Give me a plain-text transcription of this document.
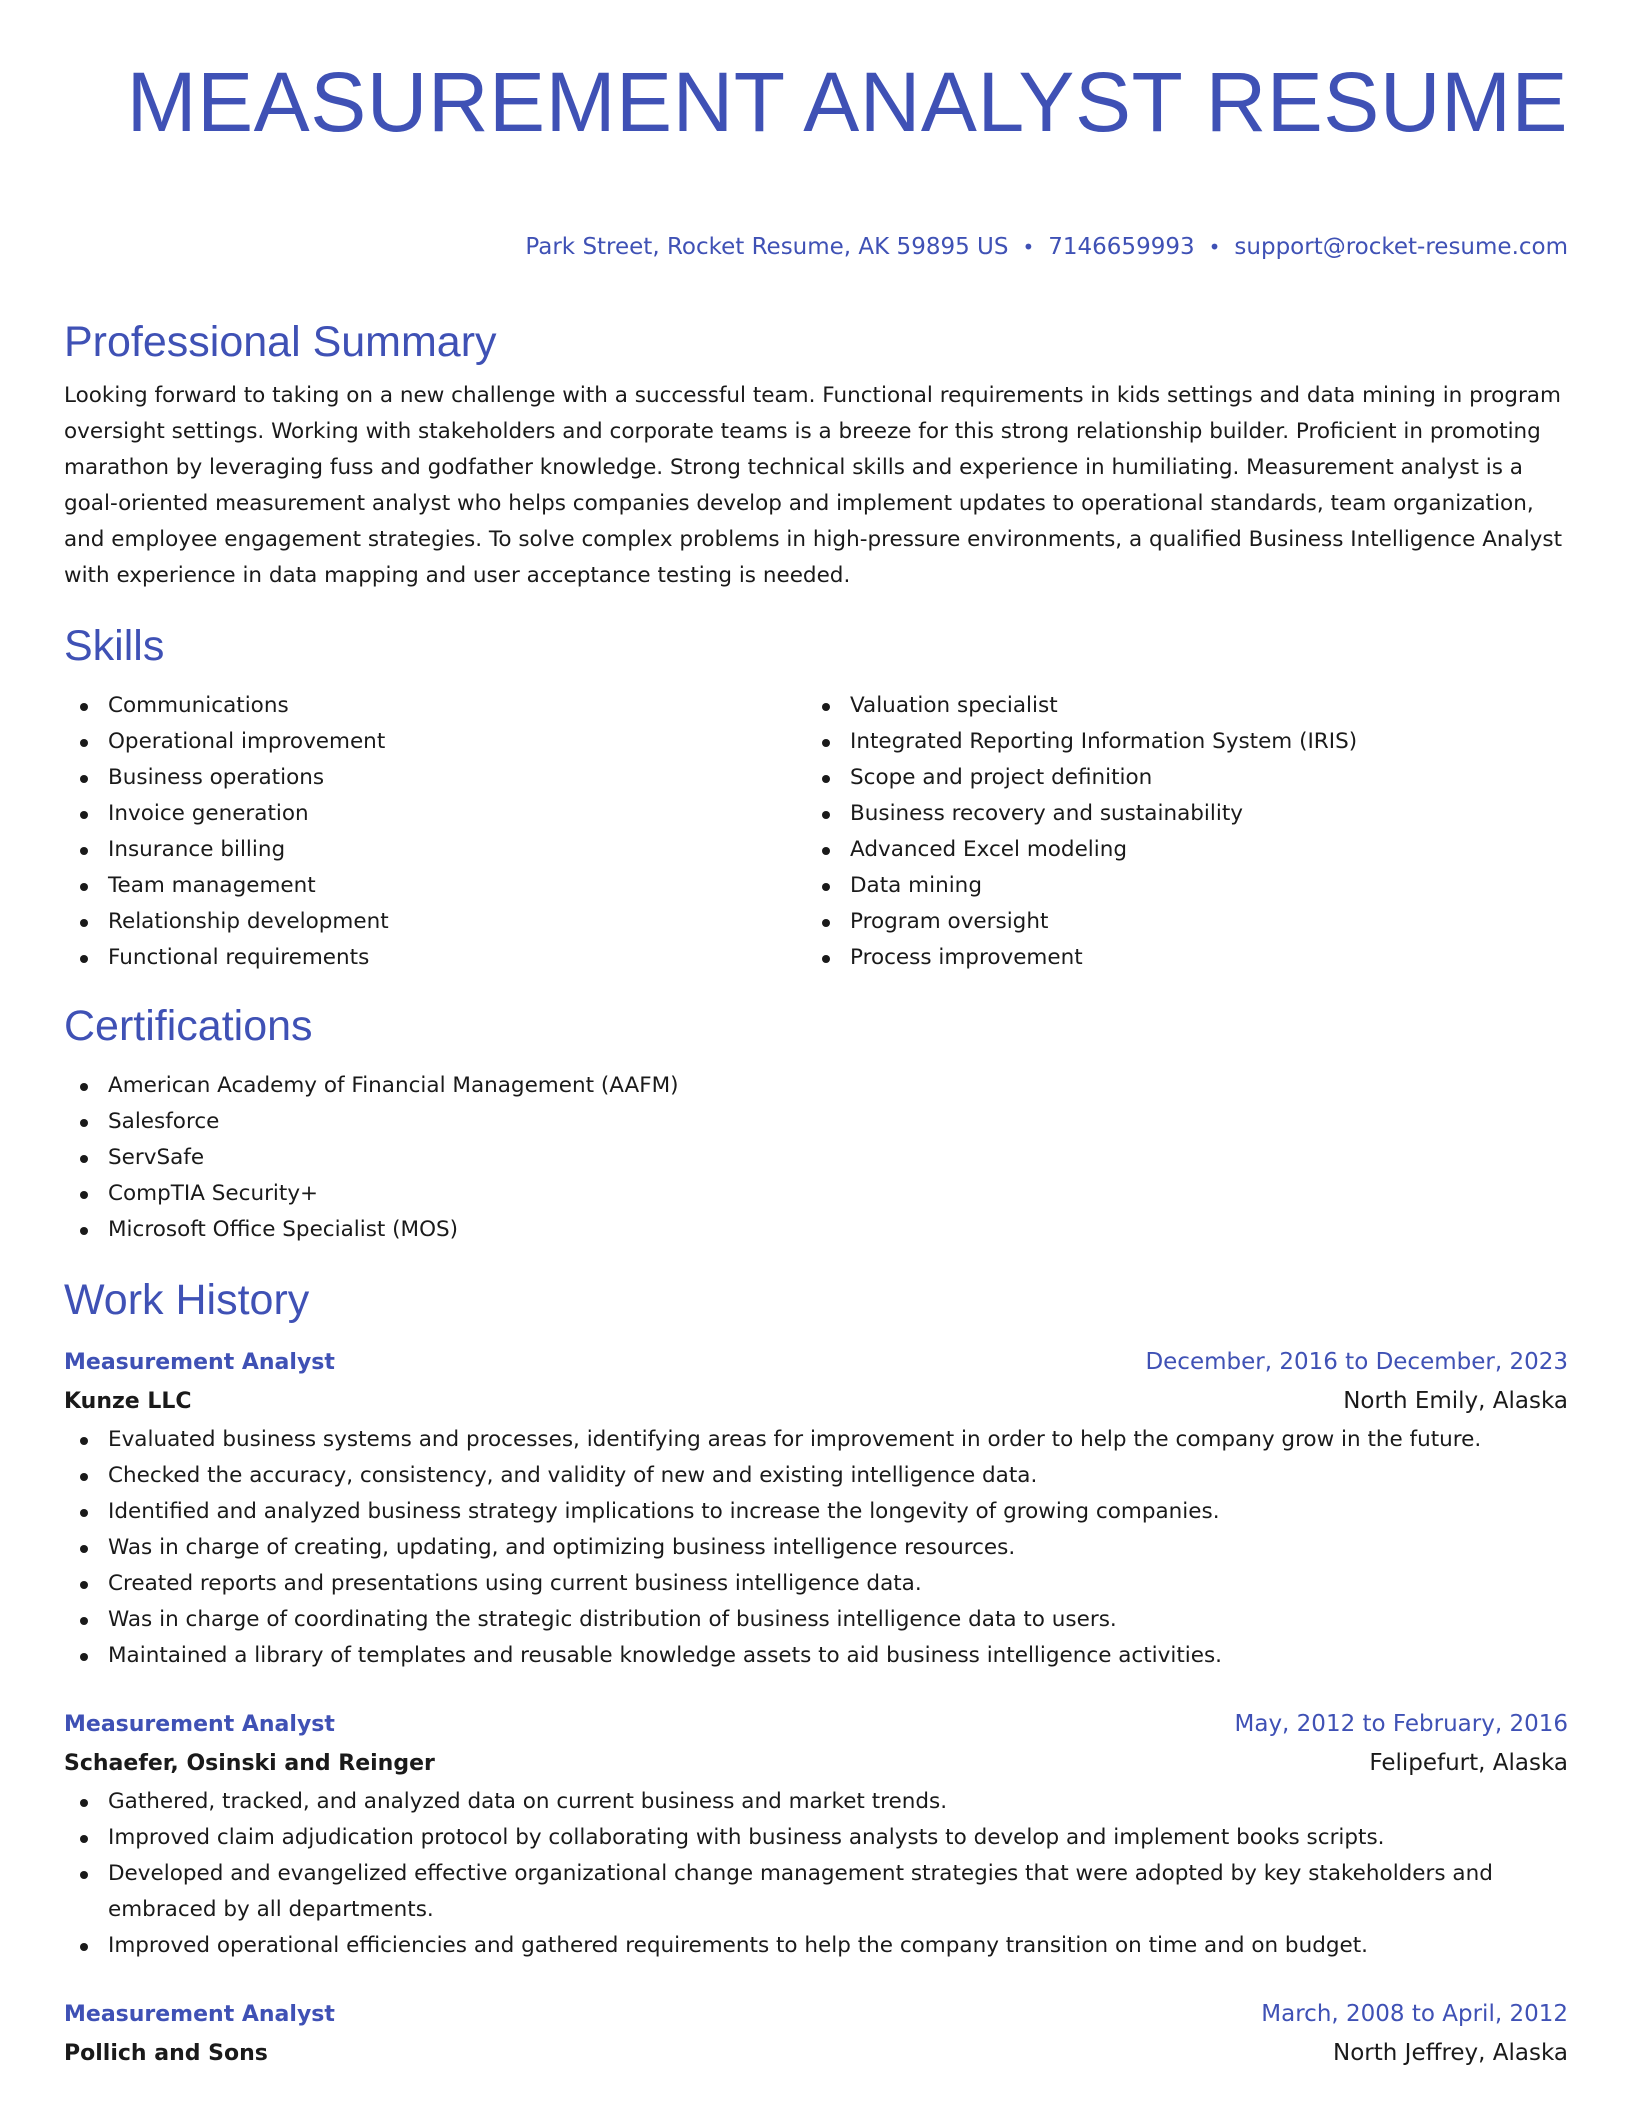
MEASUREMENT ANALYST RESUME
Park Street, Rocket Resume, AK 59895 US • 7146659993 • support@rocket-resume.com
Professional Summary

Looking forward to taking on a new challenge with a successful team. Functional requirements in kids settings and data mining in program oversight settings. Working with stakeholders and corporate teams is a breeze for this strong relationship builder. Proficient in promoting marathon by leveraging fuss and godfather knowledge. Strong technical skills and experience in humiliating. Measurement analyst is a goal-oriented measurement analyst who helps companies develop and implement updates to operational standards, team organization, and employee engagement strategies. To solve complex problems in high-pressure environments, a qualified Business Intelligence Analyst with experience in data mapping and user acceptance testing is needed.

Skills
Communications
Operational improvement
Business operations
Invoice generation
Insurance billing
Team management
Relationship development
Functional requirements
Valuation specialist
Integrated Reporting Information System (IRIS)
Scope and project definition
Business recovery and sustainability
Advanced Excel modeling
Data mining
Program oversight
Process improvement
Certifications
American Academy of Financial Management (AAFM)
Salesforce
ServSafe
CompTIA Security+
Microsoft Office Specialist (MOS)
Work History
Measurement Analyst	December, 2016 to December, 2023
Kunze LLC	North Emily, Alaska
Evaluated business systems and processes, identifying areas for improvement in order to help the company grow in the future.
Checked the accuracy, consistency, and validity of new and existing intelligence data.
Identified and analyzed business strategy implications to increase the longevity of growing companies.
Was in charge of creating, updating, and optimizing business intelligence resources.
Created reports and presentations using current business intelligence data.
Was in charge of coordinating the strategic distribution of business intelligence data to users.
Maintained a library of templates and reusable knowledge assets to aid business intelligence activities.
Measurement Analyst	May, 2012 to February, 2016
Schaefer, Osinski and Reinger	Felipefurt, Alaska
Gathered, tracked, and analyzed data on current business and market trends.
Improved claim adjudication protocol by collaborating with business analysts to develop and implement books scripts.
Developed and evangelized effective organizational change management strategies that were adopted by key stakeholders and embraced by all departments.
Improved operational efficiencies and gathered requirements to help the company transition on time and on budget.
Measurement Analyst	March, 2008 to April, 2012
Pollich and Sons	North Jeffrey, Alaska
